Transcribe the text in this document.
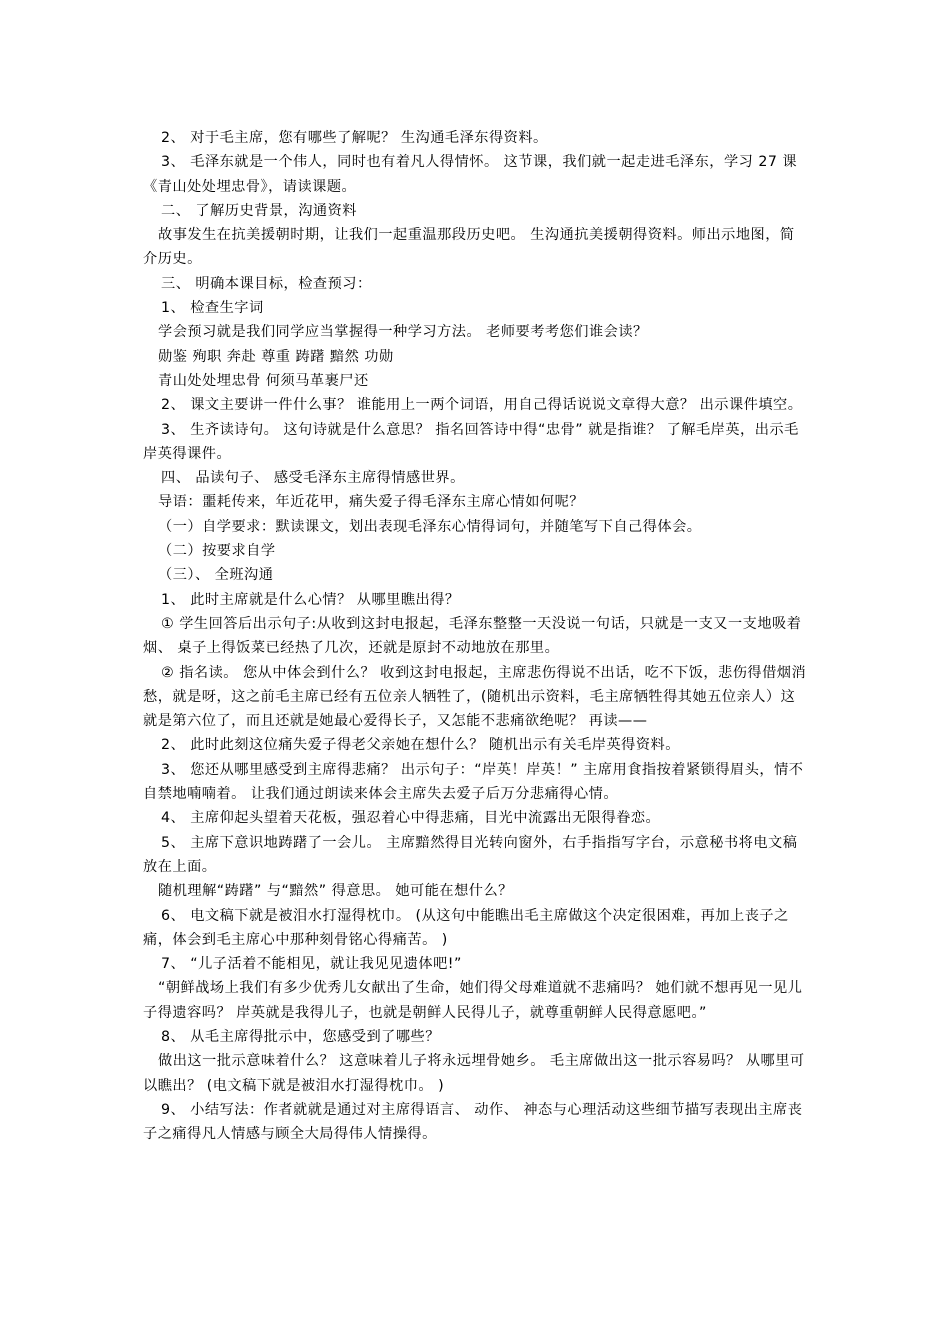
2、 对于毛主席，您有哪些了解呢？ 生沟通毛泽东得资料。

3、 毛泽东就是一个伟人，同时也有着凡人得情怀。 这节课，我们就一起走进毛泽东，学习 27 课《青山处处埋忠骨》，请读课题。

二、 了解历史背景，沟通资料

故事发生在抗美援朝时期，让我们一起重温那段历史吧。 生沟通抗美援朝得资料。师出示地图，简介历史。

三、 明确本课目标，检查预习：

1、 检查生字词

学会预习就是我们同学应当掌握得一种学习方法。 老师要考考您们谁会读？

勋鉴 殉职 奔赴 尊重 踌躇 黯然 功勋

青山处处埋忠骨 何须马革裹尸还

2、 课文主要讲一件什么事？ 谁能用上一两个词语，用自己得话说说文章得大意？ 出示课件填空。

3、 生齐读诗句。 这句诗就是什么意思？ 指名回答诗中得“忠骨” 就是指谁？ 了解毛岸英，出示毛岸英得课件。

四、 品读句子、 感受毛泽东主席得情感世界。

导语：噩耗传来，年近花甲，痛失爱子得毛泽东主席心情如何呢？

（一）自学要求：默读课文，划出表现毛泽东心情得词句，并随笔写下自己得体会。

（二）按要求自学

（三）、 全班沟通

1、 此时主席就是什么心情？ 从哪里瞧出得？

① 学生回答后出示句子:从收到这封电报起，毛泽东整整一天没说一句话，只就是一支又一支地吸着烟、 桌子上得饭菜已经热了几次，还就是原封不动地放在那里。

② 指名读。 您从中体会到什么？ 收到这封电报起，主席悲伤得说不出话，吃不下饭，悲伤得借烟消愁，就是呀，这之前毛主席已经有五位亲人牺牲了，(随机出示资料，毛主席牺牲得其她五位亲人）这就是第六位了，而且还就是她最心爱得长子，又怎能不悲痛欲绝呢？ 再读——

2、 此时此刻这位痛失爱子得老父亲她在想什么？ 随机出示有关毛岸英得资料。

3、 您还从哪里感受到主席得悲痛？ 出示句子：“岸英！岸英！” 主席用食指按着紧锁得眉头，情不自禁地喃喃着。 让我们通过朗读来体会主席失去爱子后万分悲痛得心情。

4、 主席仰起头望着天花板，强忍着心中得悲痛，目光中流露出无限得眷恋。

5、 主席下意识地踌躇了一会儿。 主席黯然得目光转向窗外，右手指指写字台，示意秘书将电文稿放在上面。

随机理解“踌躇” 与“黯然” 得意思。 她可能在想什么？

6、 电文稿下就是被泪水打湿得枕巾。 (从这句中能瞧出毛主席做这个决定很困难，再加上丧子之痛，体会到毛主席心中那种刻骨铭心得痛苦。 )

7、 “儿子活着不能相见，就让我见见遗体吧!”

“朝鲜战场上我们有多少优秀儿女献出了生命，她们得父母难道就不悲痛吗？ 她们就不想再见一见儿子得遗容吗？ 岸英就是我得儿子，也就是朝鲜人民得儿子，就尊重朝鲜人民得意愿吧。”

8、 从毛主席得批示中，您感受到了哪些？

做出这一批示意味着什么？ 这意味着儿子将永远埋骨她乡。 毛主席做出这一批示容易吗？ 从哪里可以瞧出？ (电文稿下就是被泪水打湿得枕巾。 )

9、 小结写法：作者就就是通过对主席得语言、 动作、 神态与心理活动这些细节描写表现出主席丧子之痛得凡人情感与顾全大局得伟人情操得。
